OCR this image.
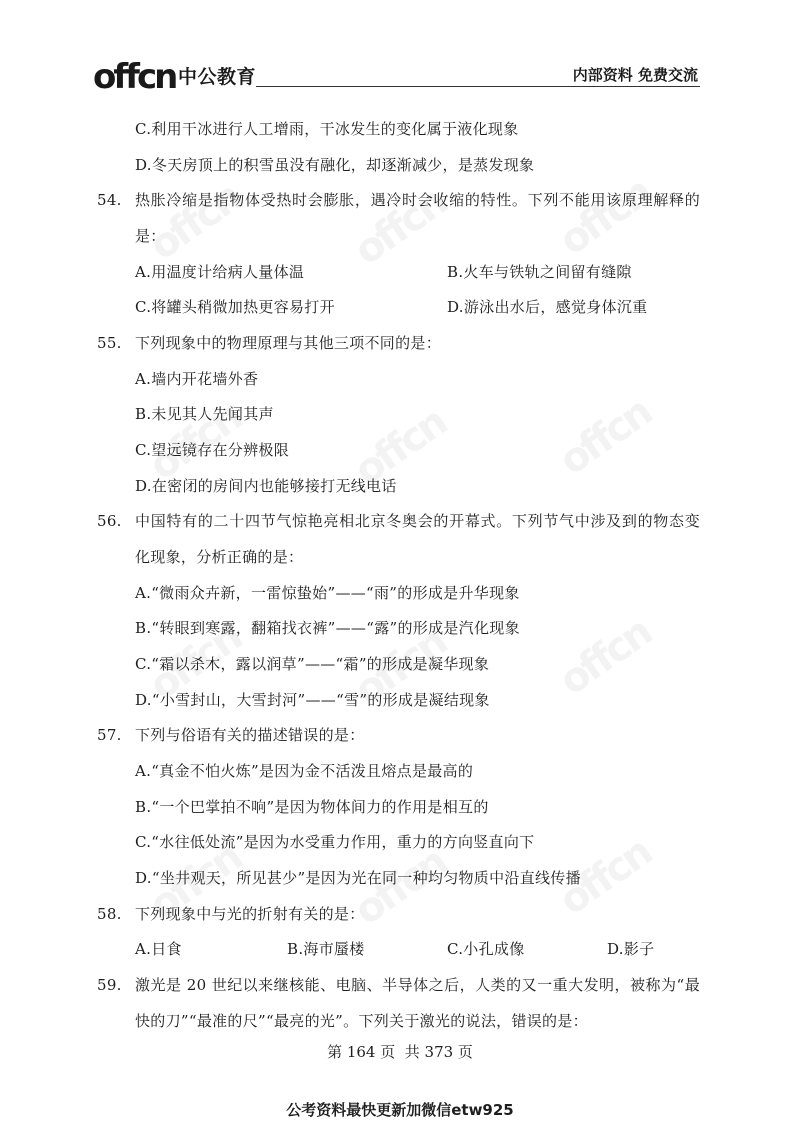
offcn 中公教育	内部资料 免费交流
C.利用干冰进行人工增雨，干冰发生的变化属于液化现象
D.冬天房顶上的积雪虽没有融化，却逐渐减少，是蒸发现象
54. 热胀冷缩是指物体受热时会膨胀，遇冷时会收缩的特性。下列不能用该原理解释的
是：
A.用温度计给病人量体温	B.火车与铁轨之间留有缝隙
C.将罐头稍微加热更容易打开	D.游泳出水后，感觉身体沉重
55. 下列现象中的物理原理与其他三项不同的是：
A.墙内开花墙外香
B.未见其人先闻其声
C.望远镜存在分辨极限
D.在密闭的房间内也能够接打无线电话
56. 中国特有的二十四节气惊艳亮相北京冬奥会的开幕式。下列节气中涉及到的物态变
化现象，分析正确的是：
A.“微雨众卉新，一雷惊蛰始”——“雨”的形成是升华现象
B.“转眼到寒露，翻箱找衣裤”——“露”的形成是汽化现象
C.“霜以杀木，露以润草”——“霜”的形成是凝华现象
D.“小雪封山，大雪封河”——“雪”的形成是凝结现象
57. 下列与俗语有关的描述错误的是：
A.“真金不怕火炼”是因为金不活泼且熔点是最高的
B.“一个巴掌拍不响”是因为物体间力的作用是相互的
C.“水往低处流”是因为水受重力作用，重力的方向竖直向下
D.“坐井观天，所见甚少”是因为光在同一种均匀物质中沿直线传播
58. 下列现象中与光的折射有关的是：
A.日食	B.海市蜃楼	C.小孔成像	D.影子
59. 激光是 20 世纪以来继核能、电脑、半导体之后，人类的又一重大发明，被称为“最
快的刀”“最准的尺”“最亮的光”。下列关于激光的说法，错误的是：
第 164 页  共 373 页
公考资料最快更新加微信etw925
